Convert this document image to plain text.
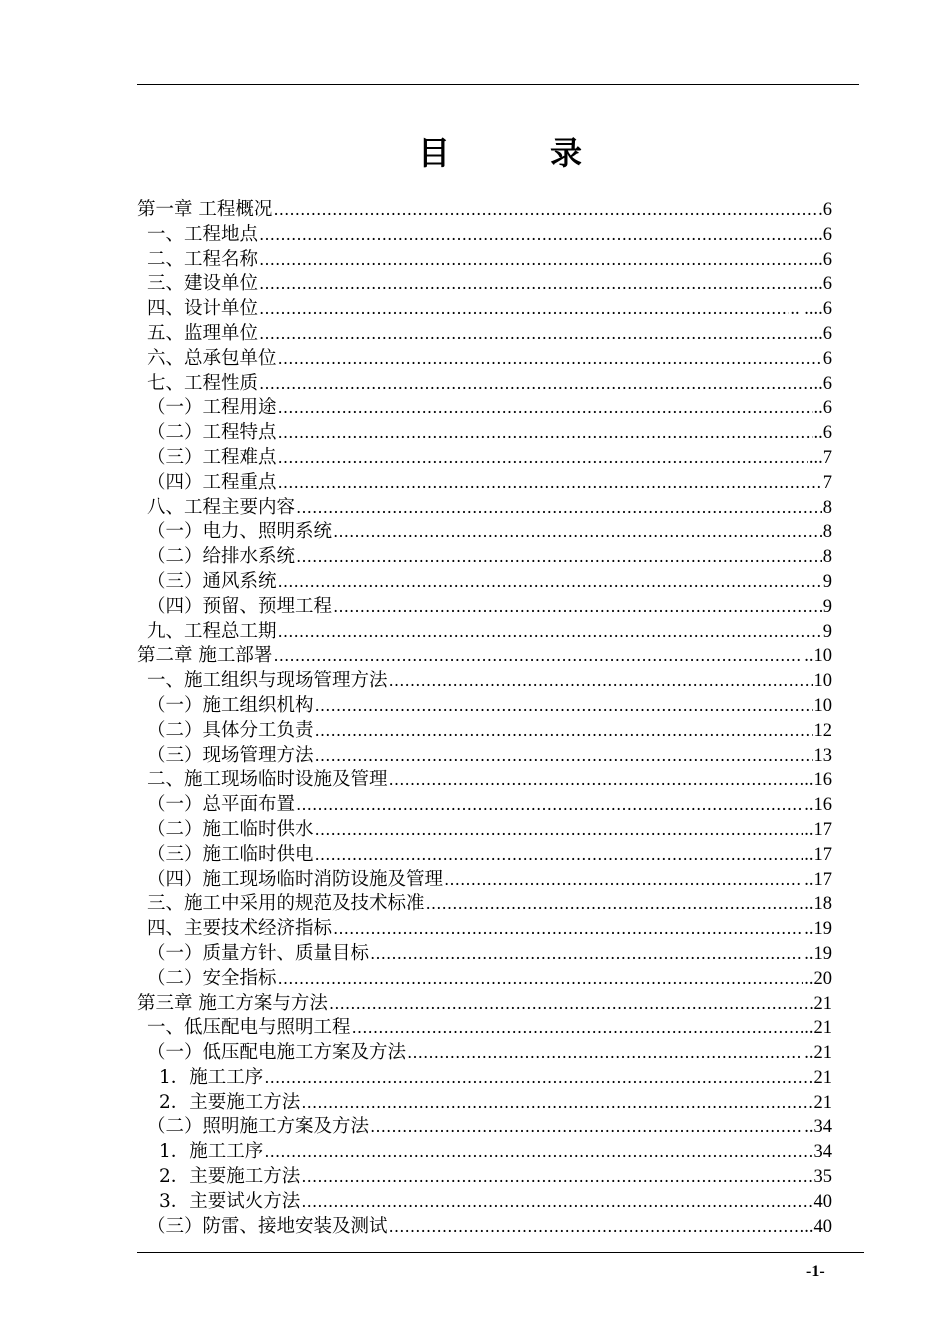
目	录
第一章 工程概况 …………………………………………………………………………………………………………………………………………………………	.6
一、工程地点 …………………………………………………………………………………………………………………………………………………………	...6
二、工程名称 …………………………………………………………………………………………………………………………………………………………	...6
三、建设单位 …………………………………………………………………………………………………………………………………………………………	...6
四、设计单位 …………………………………………………………………………………………………………………………………………………………	.. ....6
五、监理单位 …………………………………………………………………………………………………………………………………………………………	...6
六、总承包单位 …………………………………………………………………………………………………………………………………………………………	6
七、工程性质 …………………………………………………………………………………………………………………………………………………………	..6
（一）工程用途 …………………………………………………………………………………………………………………………………………………………	..6
（二）工程特点 …………………………………………………………………………………………………………………………………………………………	..6
（三）工程难点 …………………………………………………………………………………………………………………………………………………………	...7
（四）工程重点 …………………………………………………………………………………………………………………………………………………………	7
八、工程主要内容 …………………………………………………………………………………………………………………………………………………………	8
（一）电力、照明系统 …………………………………………………………………………………………………………………………………………………………	8
（二）给排水系统 …………………………………………………………………………………………………………………………………………………………	8
（三）通风系统 …………………………………………………………………………………………………………………………………………………………	9
（四）预留、预埋工程 …………………………………………………………………………………………………………………………………………………………	9
九、工程总工期 …………………………………………………………………………………………………………………………………………………………	9
第二章 施工部署 …………………………………………………………………………………………………………………………………………………………	..10
一、施工组织与现场管理方法 …………………………………………………………………………………………………………………………………………………………	10
（一）施工组织机构 …………………………………………………………………………………………………………………………………………………………	10
（二）具体分工负责 …………………………………………………………………………………………………………………………………………………………	12
（三）现场管理方法 …………………………………………………………………………………………………………………………………………………………	13
二、施工现场临时设施及管理 …………………………………………………………………………………………………………………………………………………………	..16
（一）总平面布置 …………………………………………………………………………………………………………………………………………………………	..16
（二）施工临时供水 …………………………………………………………………………………………………………………………………………………………	..17
（三）施工临时供电 …………………………………………………………………………………………………………………………………………………………	..17
（四）施工现场临时消防设施及管理 …………………………………………………………………………………………………………………………………………………………	..17
三、施工中采用的规范及技术标准 …………………………………………………………………………………………………………………………………………………………	..18
四、主要技术经济指标 …………………………………………………………………………………………………………………………………………………………	..19
（一）质量方针、质量目标 …………………………………………………………………………………………………………………………………………………………	..19
（二）安全指标 …………………………………………………………………………………………………………………………………………………………	..20
第三章 施工方案与方法 …………………………………………………………………………………………………………………………………………………………	21
一、低压配电与照明工程 …………………………………………………………………………………………………………………………………………………………	..21
（一）低压配电施工方案及方法 …………………………………………………………………………………………………………………………………………………………	..21
1．施工工序 …………………………………………………………………………………………………………………………………………………………	21
2．主要施工方法 …………………………………………………………………………………………………………………………………………………………	21
（二）照明施工方案及方法 …………………………………………………………………………………………………………………………………………………………	..34
1．施工工序 …………………………………………………………………………………………………………………………………………………………	34
2．主要施工方法 …………………………………………………………………………………………………………………………………………………………	35
3．主要试火方法 …………………………………………………………………………………………………………………………………………………………	40
（三）防雷、接地安装及测试 …………………………………………………………………………………………………………………………………………………………	..40
-1-
